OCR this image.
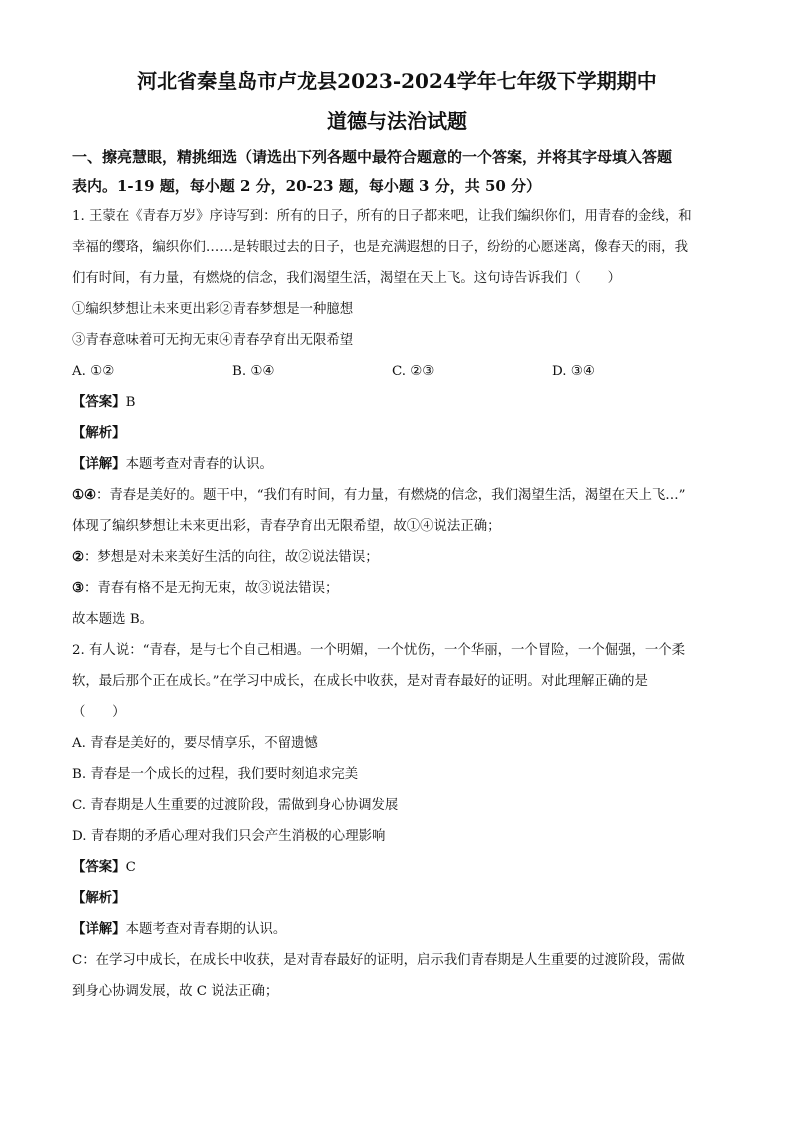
河北省秦皇岛市卢龙县2023-2024学年七年级下学期期中
道德与法治试题
一、擦亮慧眼，精挑细选（请选出下列各题中最符合题意的一个答案，并将其字母填入答题
表内。1-19 题，每小题 2 分，20-23 题，每小题 3 分，共 50 分）

1. 王蒙在《青春万岁》序诗写到：所有的日子，所有的日子都来吧，让我们编织你们，用青春的金线，和

幸福的缨珞，编织你们……是转眼过去的日子，也是充满遐想的日子，纷纷的心愿迷离，像春天的雨，我

们有时间，有力量，有燃烧的信念，我们渴望生活，渴望在天上飞。这句诗告诉我们（　　）

①编织梦想让未来更出彩②青春梦想是一种臆想

③青春意味着可无拘无束④青春孕育出无限希望

A. ①②	B. ①④	C. ②③	D. ③④

【答案】B

【解析】

【详解】本题考查对青春的认识。

①④：青春是美好的。题干中，“我们有时间，有力量，有燃烧的信念，我们渴望生活，渴望在天上飞…”

体现了编织梦想让未来更出彩，青春孕育出无限希望，故①④说法正确；

②：梦想是对未来美好生活的向往，故②说法错误；

③：青春有格不是无拘无束，故③说法错误；

故本题选 B。

2. 有人说：“青春，是与七个自己相遇。一个明媚，一个忧伤，一个华丽，一个冒险，一个倔强，一个柔

软，最后那个正在成长。”在学习中成长，在成长中收获，是对青春最好的证明。对此理解正确的是

（　　）

A. 青春是美好的，要尽情享乐，不留遗憾

B. 青春是一个成长的过程，我们要时刻追求完美

C. 青春期是人生重要的过渡阶段，需做到身心协调发展

D. 青春期的矛盾心理对我们只会产生消极的心理影响

【答案】C

【解析】

【详解】本题考查对青春期的认识。

C：在学习中成长，在成长中收获，是对青春最好的证明，启示我们青春期是人生重要的过渡阶段，需做

到身心协调发展，故 C 说法正确；
